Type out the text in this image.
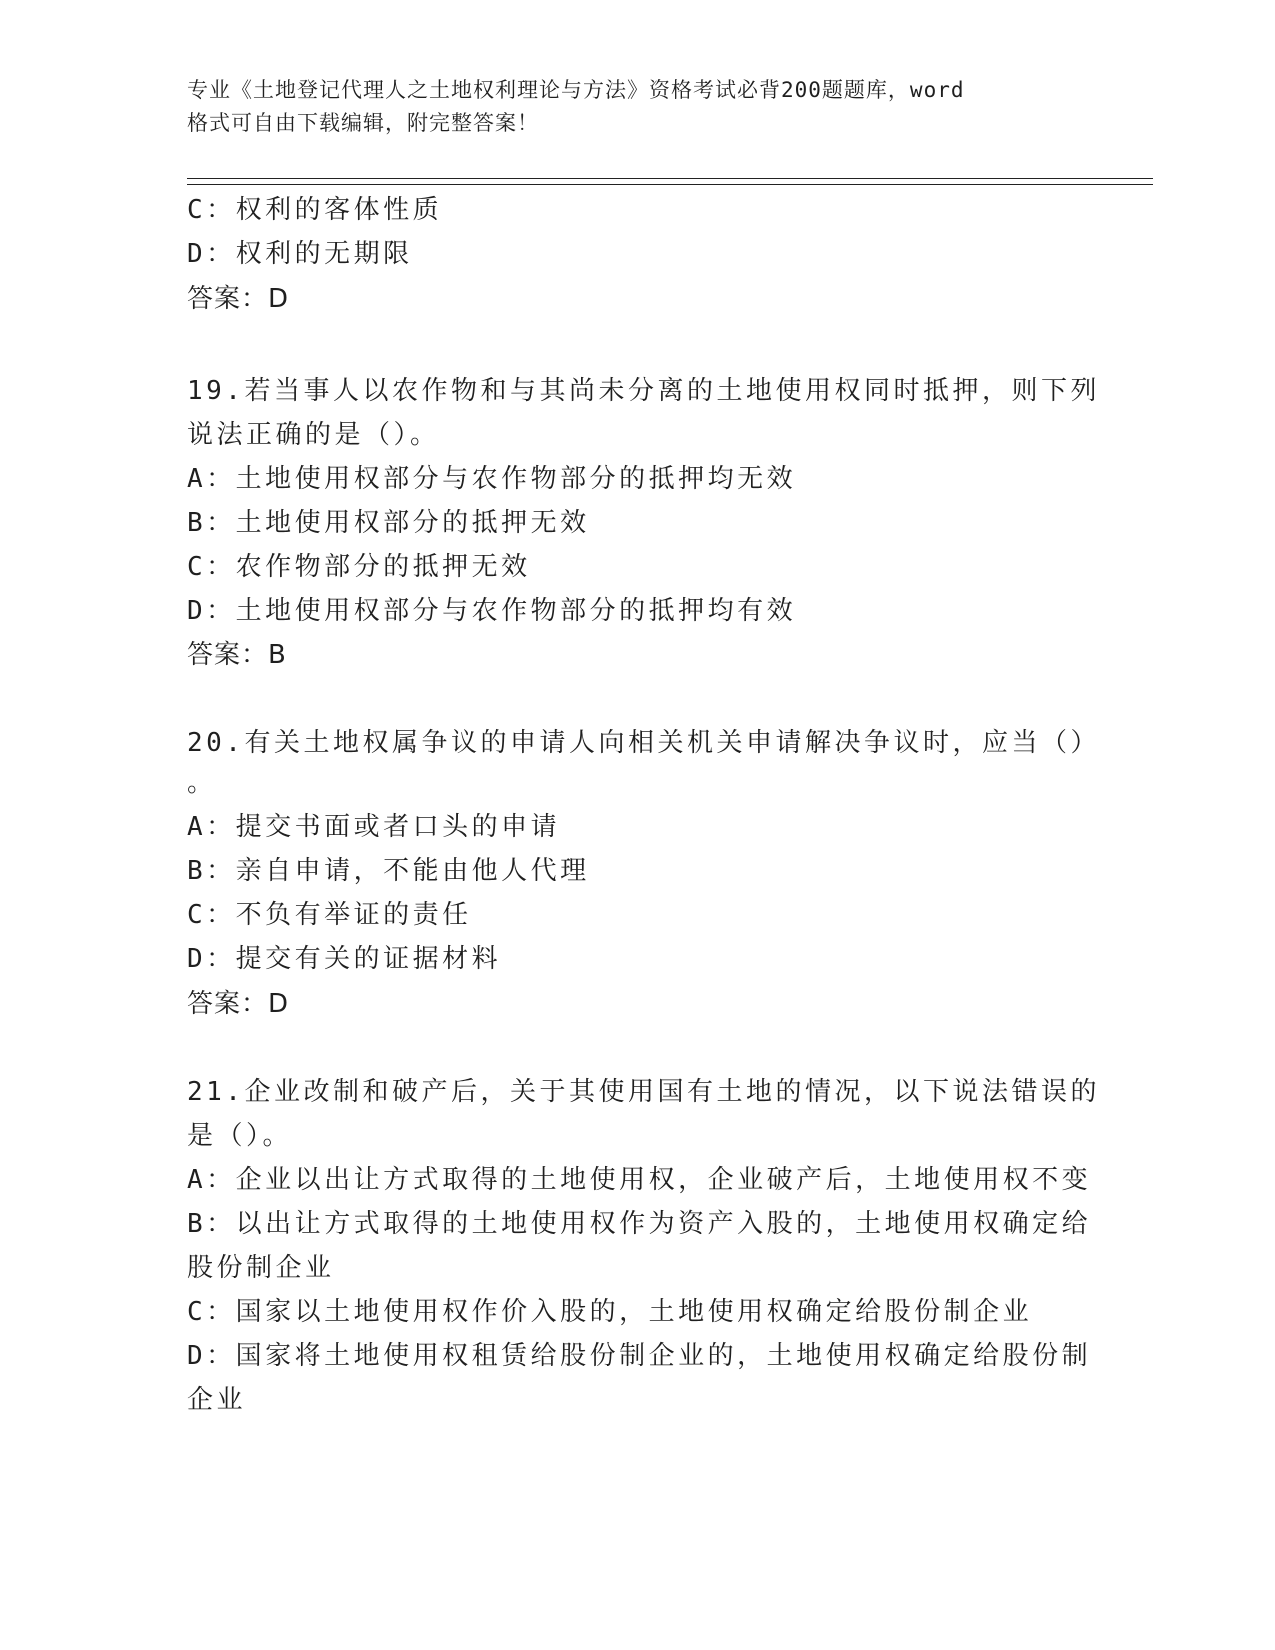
专业《土地登记代理人之土地权利理论与方法》资格考试必背200题题库，word
格式可自由下载编辑，附完整答案！
C：权利的客体性质
D：权利的无期限
答案：D
19.若当事人以农作物和与其尚未分离的土地使用权同时抵押，则下列
说法正确的是（）。
A：土地使用权部分与农作物部分的抵押均无效
B：土地使用权部分的抵押无效
C：农作物部分的抵押无效
D：土地使用权部分与农作物部分的抵押均有效
答案：B
20.有关土地权属争议的申请人向相关机关申请解决争议时，应当（）
。
A：提交书面或者口头的申请
B：亲自申请，不能由他人代理
C：不负有举证的责任
D：提交有关的证据材料
答案：D
21.企业改制和破产后，关于其使用国有土地的情况，以下说法错误的
是（）。
A：企业以出让方式取得的土地使用权，企业破产后，土地使用权不变
B：以出让方式取得的土地使用权作为资产入股的，土地使用权确定给
股份制企业
C：国家以土地使用权作价入股的，土地使用权确定给股份制企业
D：国家将土地使用权租赁给股份制企业的，土地使用权确定给股份制
企业
